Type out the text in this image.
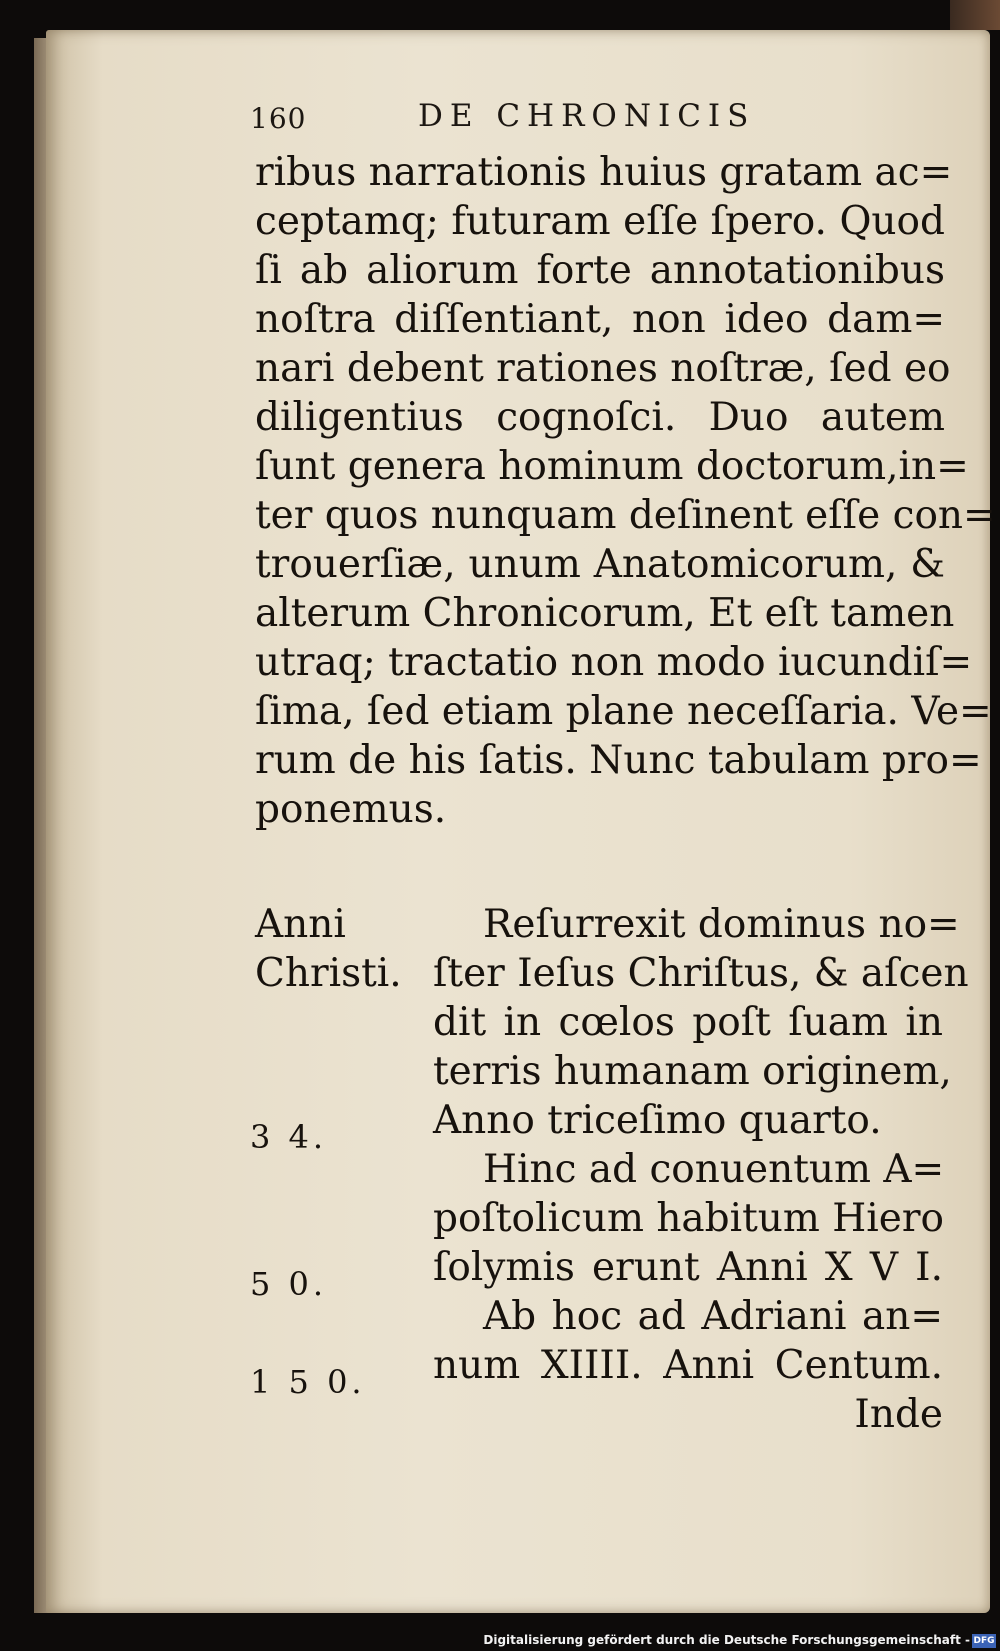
160	DE CHRONICIS
ribus narrationis huius gratam ac=
ceptamq; futuram eſſe ſpero. Quod
ſi ab aliorum forte annotationibus
noſtra diſſentiant, non ideo dam=
nari debent rationes noſtræ, ſed eo
diligentius cognoſci. Duo autem
ſunt genera hominum doctorum,in=
ter quos nunquam deſinent eſſe con=
trouerſiæ, unum Anatomicorum, &
alterum Chronicorum, Et eſt tamen
utraq; tractatio non modo iucundiſ=
ſima, ſed etiam plane neceſſaria. Ve=
rum de his ſatis. Nunc tabulam pro=
ponemus.
Anni
Christi.
Reſurrexit dominus no=
ſter Ieſus Chriſtus, & aſcen
dit in cœlos poſt ſuam in
terris humanam originem,
Anno triceſimo quarto.
Hinc ad conuentum A=
poſtolicum habitum Hiero
ſolymis erunt Anni X V I.
Ab hoc ad Adriani an=
num XIIII. Anni Centum.
Inde
3 4.
5 0.
1 5 0.
Digitalisierung gefördert durch die Deutsche Forschungsgemeinschaft - DFG
